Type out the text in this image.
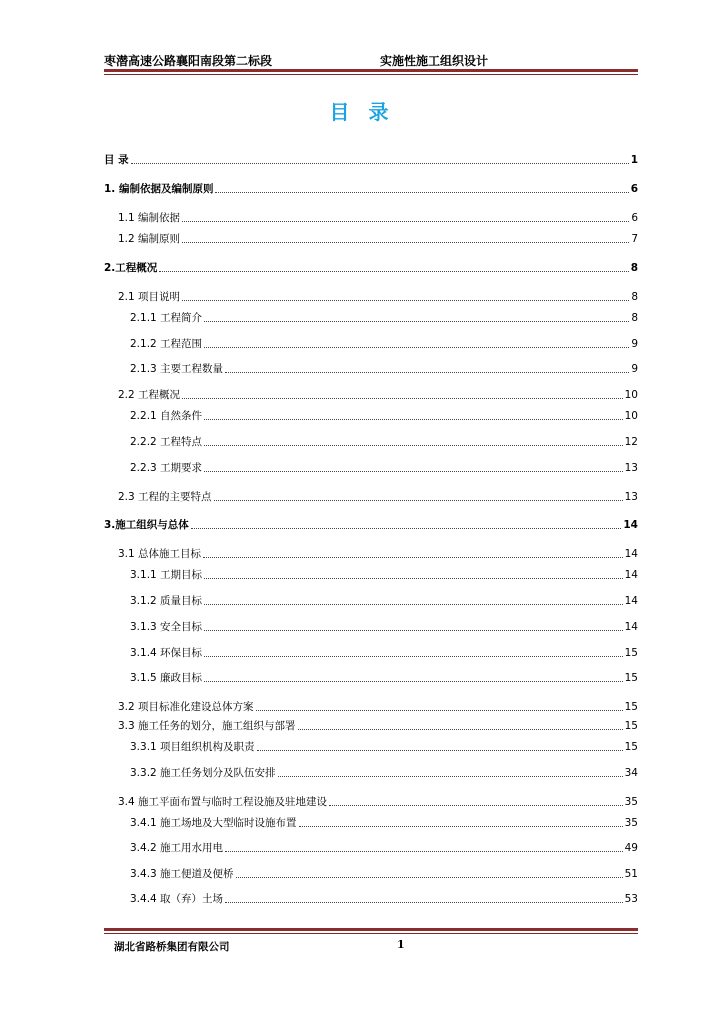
枣潜高速公路襄阳南段第二标段	实施性施工组织设计
目 录
目 录	1
1. 编制依据及编制原则	6
1.1 编制依据	6
1.2 编制原则	7
2.工程概况	8
2.1 项目说明	8
2.1.1 工程简介	8
2.1.2 工程范围	9
2.1.3 主要工程数量	9
2.2 工程概况	10
2.2.1 自然条件	10
2.2.2 工程特点	12
2.2.3 工期要求	13
2.3 工程的主要特点	13
3.施工组织与总体	14
3.1 总体施工目标	14
3.1.1 工期目标	14
3.1.2 质量目标	14
3.1.3 安全目标	14
3.1.4 环保目标	15
3.1.5 廉政目标	15
3.2 项目标准化建设总体方案	15
3.3 施工任务的划分，施工组织与部署	15
3.3.1 项目组织机构及职责	15
3.3.2 施工任务划分及队伍安排	34
3.4 施工平面布置与临时工程设施及驻地建设	35
3.4.1 施工场地及大型临时设施布置	35
3.4.2 施工用水用电	49
3.4.3 施工便道及便桥	51
3.4.4 取（弃）土场	53
湖北省路桥集团有限公司	1
